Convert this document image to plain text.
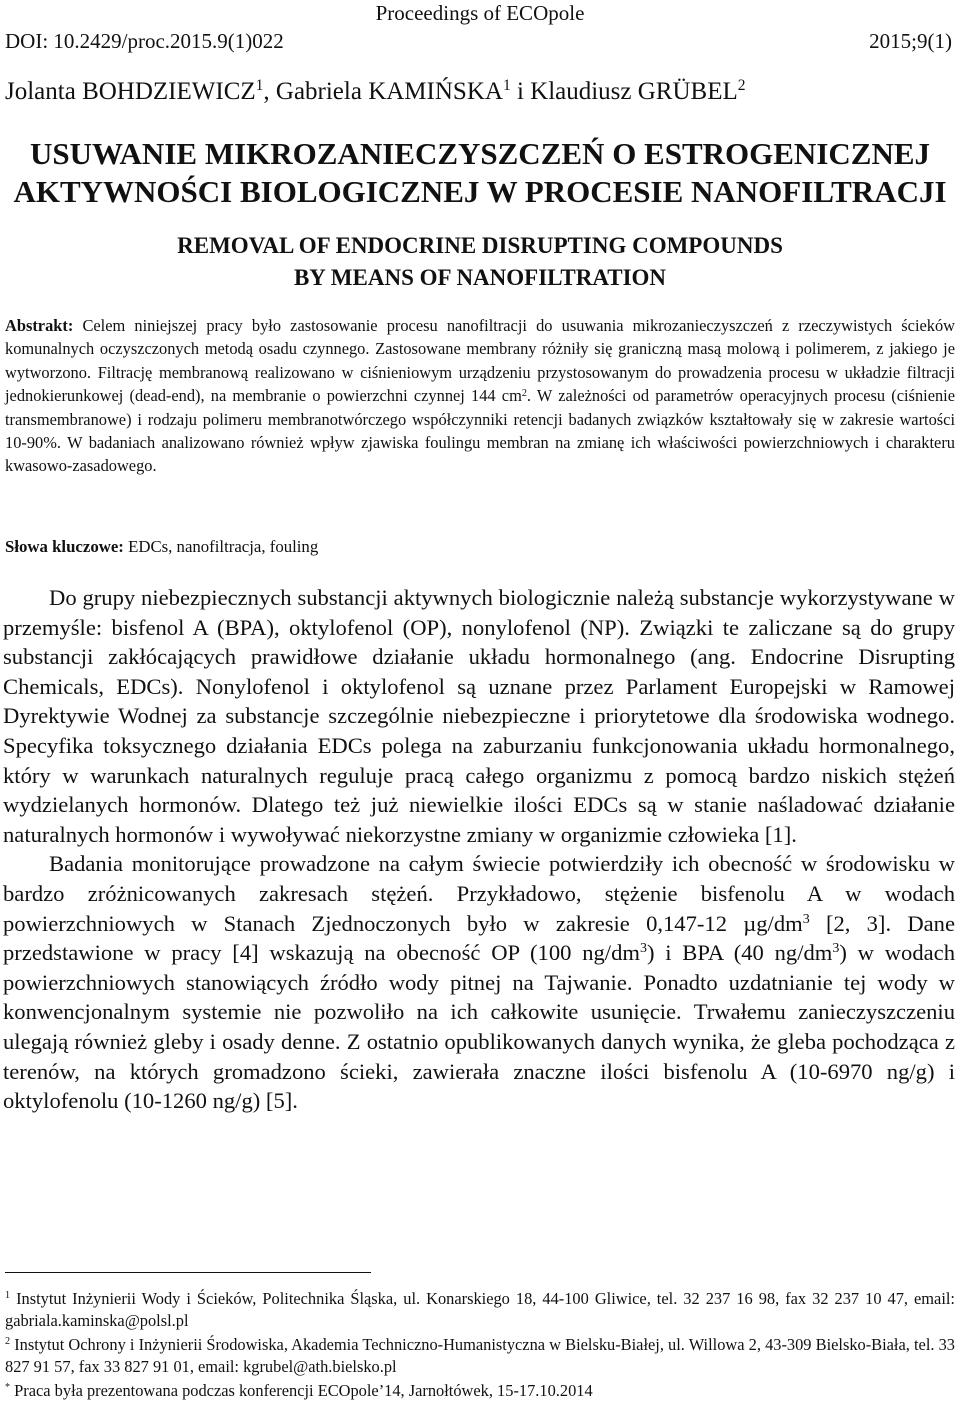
Proceedings of ECOpole
DOI: 10.2429/proc.2015.9(1)022	2015;9(1)
Jolanta BOHDZIEWICZ$^1$, Gabriela KAMIŃSKA$^1$ i Klaudiusz GRÜBEL$^2$
USUWANIE MIKROZANIECZYSZCZEŃ O ESTROGENICZNEJ
AKTYWNOŚCI BIOLOGICZNEJ W PROCESIE NANOFILTRACJI
REMOVAL OF ENDOCRINE DISRUPTING COMPOUNDS
BY MEANS OF NANOFILTRATION
Abstrakt: Celem niniejszej pracy było zastosowanie procesu nanofiltracji do usuwania mikrozanieczyszczeń z rzeczywistych ścieków komunalnych oczyszczonych metodą osadu czynnego. Zastosowane membrany różniły się graniczną masą molową i polimerem, z jakiego je wytworzono. Filtrację membranową realizowano w ciśnieniowym urządzeniu przystosowanym do prowadzenia procesu w układzie filtracji jednokierunkowej (dead-end), na membranie o powierzchni czynnej 144 $cm^2$. W zależności od parametrów operacyjnych procesu (ciśnienie transmembranowe) i rodzaju polimeru membranotwórczego współczynniki retencji badanych związków kształtowały się w zakresie wartości 10-90%. W badaniach analizowano również wpływ zjawiska foulingu membran na zmianę ich właściwości powierzchniowych i charakteru kwasowo-zasadowego.
Słowa kluczowe: EDCs, nanofiltracja, fouling

Do grupy niebezpiecznych substancji aktywnych biologicznie należą substancje wykorzystywane w przemyśle: bisfenol A (BPA), oktylofenol (OP), nonylofenol (NP). Związki te zaliczane są do grupy substancji zakłócających prawidłowe działanie układu hormonalnego (ang. Endocrine Disrupting Chemicals, EDCs). Nonylofenol i oktylofenol są uznane przez Parlament Europejski w Ramowej Dyrektywie Wodnej za substancje szczególnie niebezpieczne i priorytetowe dla środowiska wodnego. Specyfika toksycznego działania EDCs polega na zaburzaniu funkcjonowania układu hormonalnego, który w warunkach naturalnych reguluje pracą całego organizmu z pomocą bardzo niskich stężeń wydzielanych hormonów. Dlatego też już niewielkie ilości EDCs są w stanie naśladować działanie naturalnych hormonów i wywoływać niekorzystne zmiany w organizmie człowieka [1].

Badania monitorujące prowadzone na całym świecie potwierdziły ich obecność w środowisku w bardzo zróżnicowanych zakresach stężeń. Przykładowo, stężenie bisfenolu A w wodach powierzchniowych w Stanach Zjednoczonych było w zakresie 0,147-12 $\mu g/dm^3$ [2, 3]. Dane przedstawione w pracy [4] wskazują na obecność OP (100 $ng/dm^3$) i BPA (40 $ng/dm^3$) w wodach powierzchniowych stanowiących źródło wody pitnej na Tajwanie. Ponadto uzdatnianie tej wody w konwencjonalnym systemie nie pozwoliło na ich całkowite usunięcie. Trwałemu zanieczyszczeniu ulegają również gleby i osady denne. Z ostatnio opublikowanych danych wynika, że gleba pochodząca z terenów, na których gromadzono ścieki, zawierała znaczne ilości bisfenolu A (10-6970 ng/g) i oktylofenolu (10-1260 ng/g) [5].

$^1$ Instytut Inżynierii Wody i Ścieków, Politechnika Śląska, ul. Konarskiego 18, 44-100 Gliwice, tel. 32 237 16 98, fax 32 237 10 47, email: gabriala.kaminska@polsl.pl

$^2$ Instytut Ochrony i Inżynierii Środowiska, Akademia Techniczno-Humanistyczna w Bielsku-Białej, ul. Willowa 2, 43-309 Bielsko-Biała, tel. 33 827 91 57, fax 33 827 91 01, email: kgrubel@ath.bielsko.pl

* Praca była prezentowana podczas konferencji ECOpole’14, Jarnołtówek, 15-17.10.2014
